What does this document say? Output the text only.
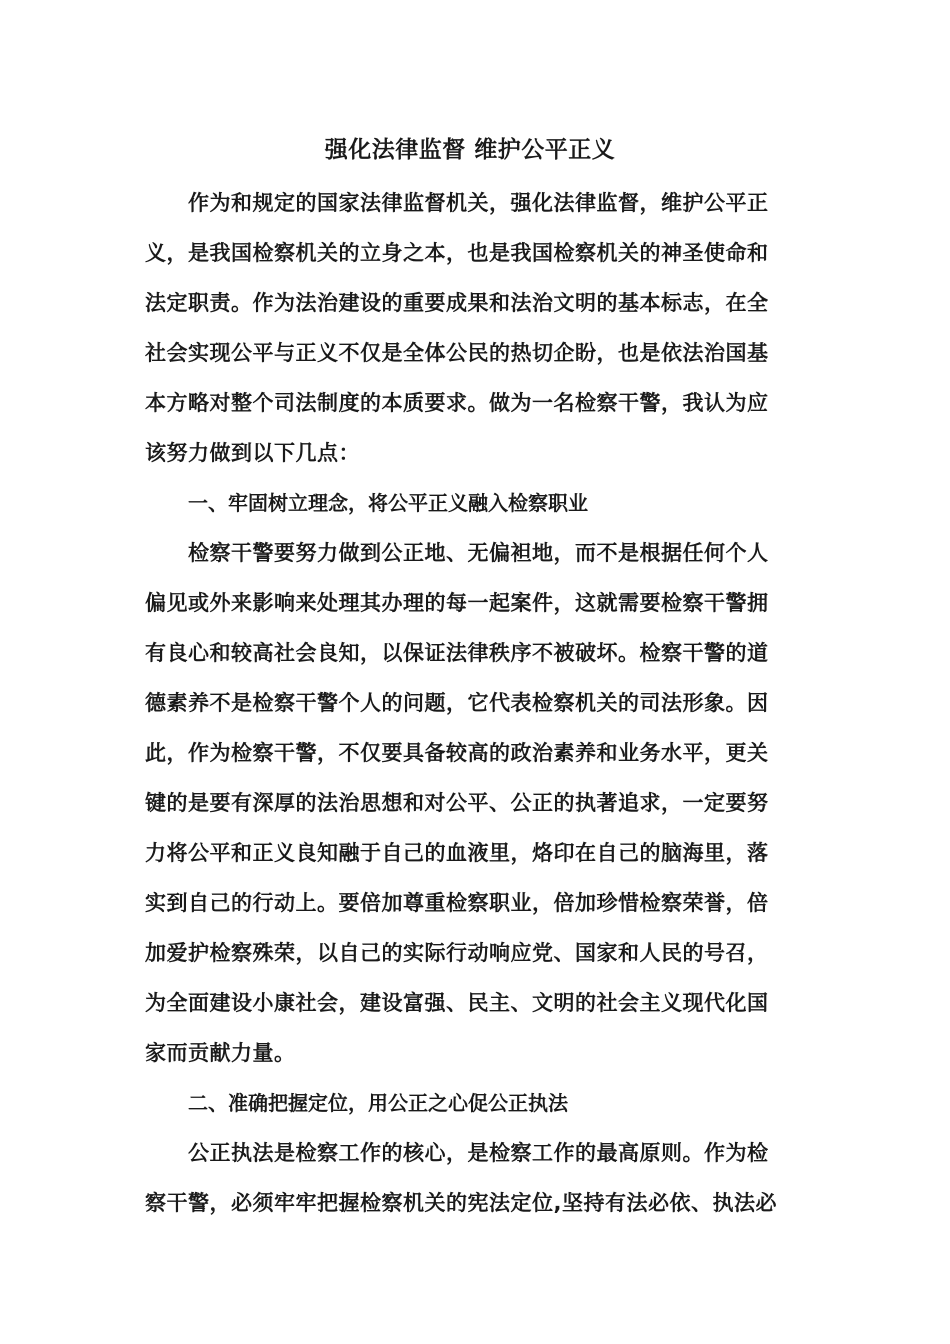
强化法律监督 维护公平正义
作为和规定的国家法律监督机关，强化法律监督，维护公平正
义，是我国检察机关的立身之本，也是我国检察机关的神圣使命和
法定职责。作为法治建设的重要成果和法治文明的基本标志，在全
社会实现公平与正义不仅是全体公民的热切企盼，也是依法治国基
本方略对整个司法制度的本质要求。做为一名检察干警，我认为应
该努力做到以下几点：
一、牢固树立理念，将公平正义融入检察职业
检察干警要努力做到公正地、无偏袒地，而不是根据任何个人
偏见或外来影响来处理其办理的每一起案件，这就需要检察干警拥
有良心和较高社会良知，以保证法律秩序不被破坏。检察干警的道
德素养不是检察干警个人的问题，它代表检察机关的司法形象。因
此，作为检察干警，不仅要具备较高的政治素养和业务水平，更关
键的是要有深厚的法治思想和对公平、公正的执著追求，一定要努
力将公平和正义良知融于自己的血液里，烙印在自己的脑海里，落
实到自己的行动上。要倍加尊重检察职业，倍加珍惜检察荣誉，倍
加爱护检察殊荣，以自己的实际行动响应党、国家和人民的号召，
为全面建设小康社会，建设富强、民主、文明的社会主义现代化国
家而贡献力量。
二、准确把握定位，用公正之心促公正执法
公正执法是检察工作的核心，是检察工作的最高原则。作为检
察干警，必须牢牢把握检察机关的宪法定位,坚持有法必依、执法必
